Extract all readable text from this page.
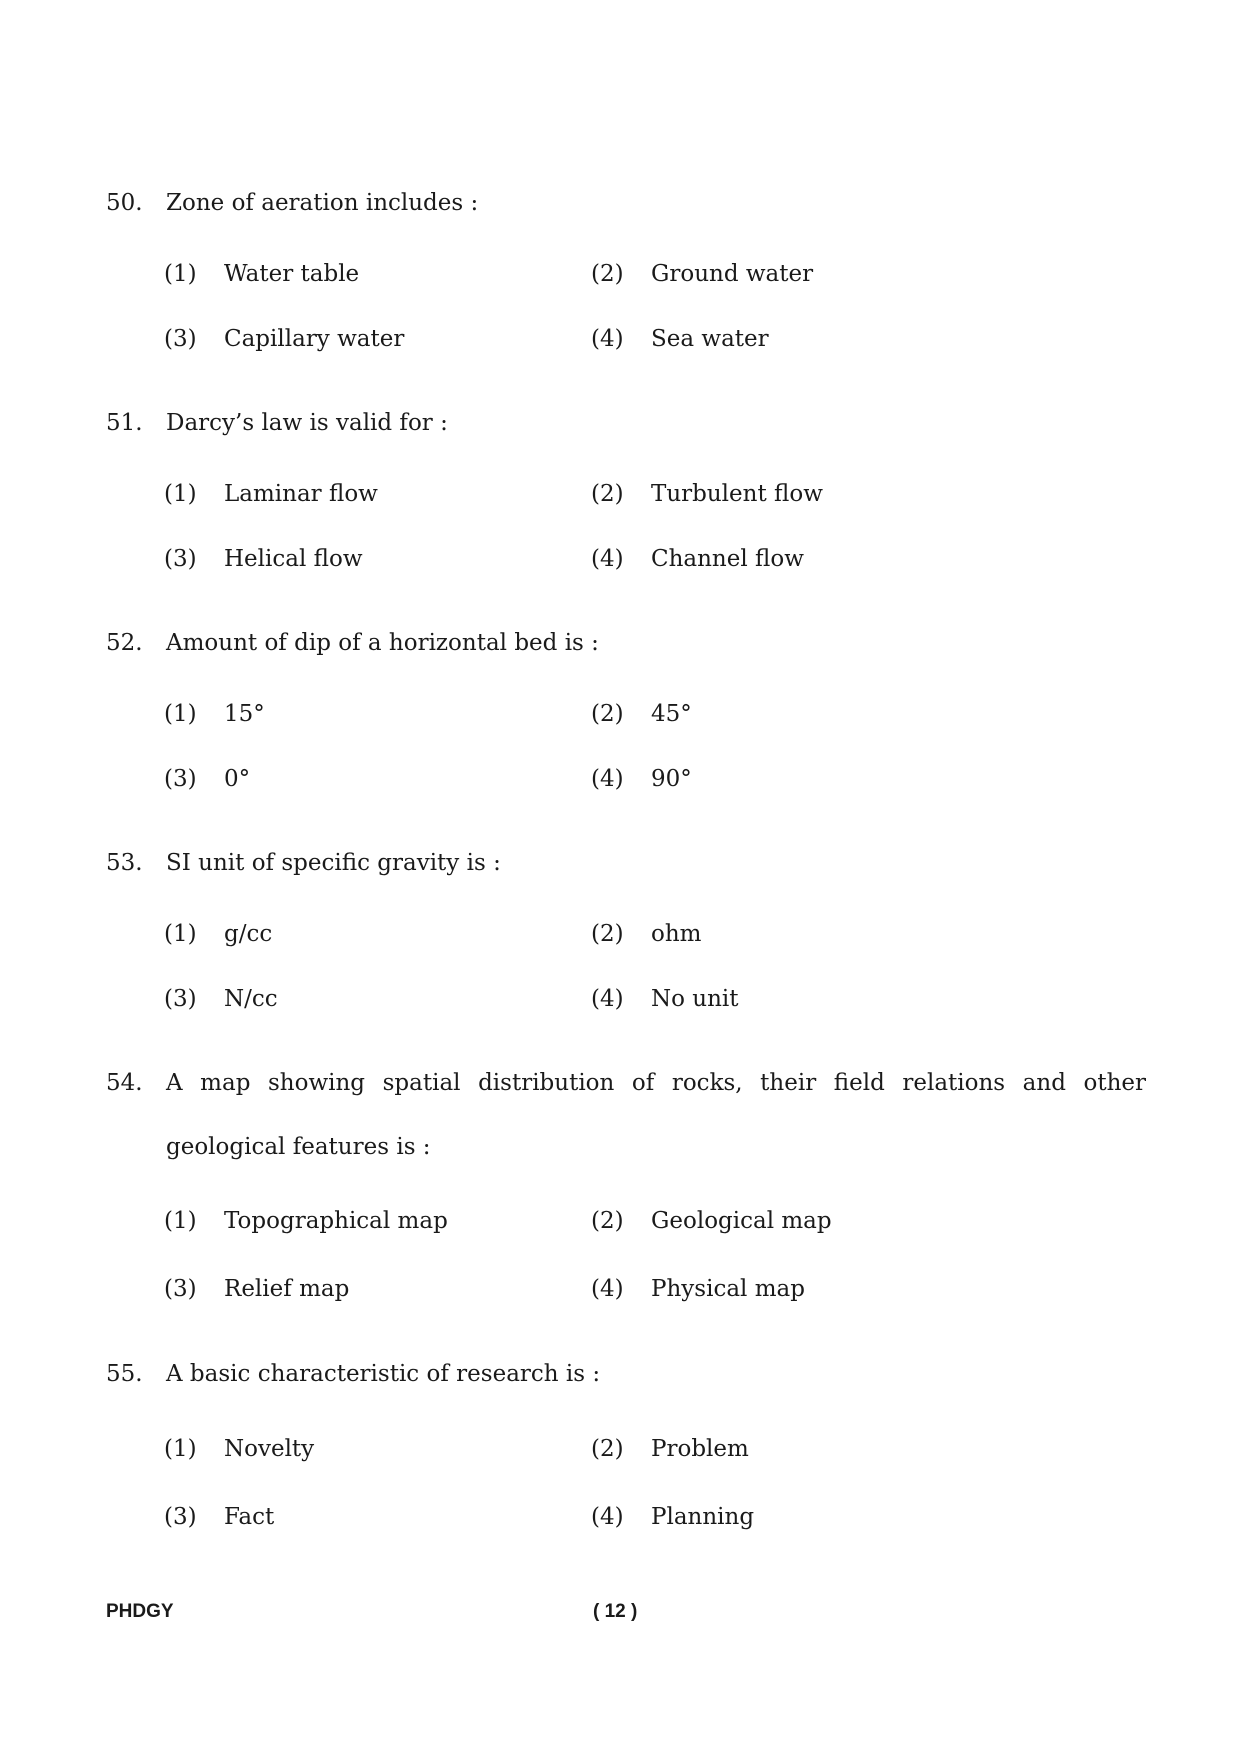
50. Zone of aeration includes :
(1) Water table	(2) Ground water
(3) Capillary water	(4) Sea water
51. Darcy’s law is valid for :
(1) Laminar flow	(2) Turbulent flow
(3) Helical flow	(4) Channel flow
52. Amount of dip of a horizontal bed is :
(1) 15°	(2) 45°
(3) 0°	(4) 90°
53. SI unit of specific gravity is :
(1) g/cc	(2) ohm
(3) N/cc	(4) No unit
54. A map showing spatial distribution of rocks, their field relations and other
geological features is :
(1) Topographical map	(2) Geological map
(3) Relief map	(4) Physical map
55. A basic characteristic of research is :
(1) Novelty	(2) Problem
(3) Fact	(4) Planning
PHDGY	( 12 )
